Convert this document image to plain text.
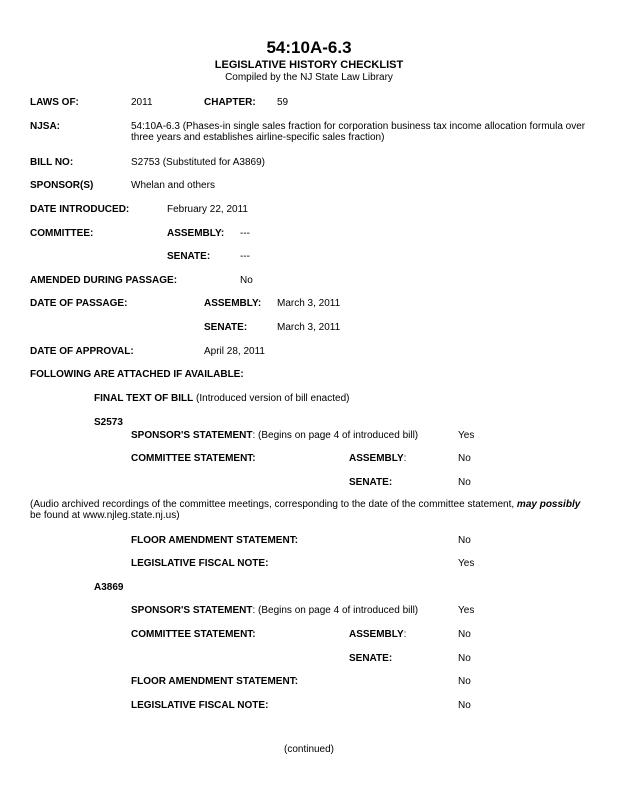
54:10A-6.3
LEGISLATIVE HISTORY CHECKLIST
Compiled by the NJ State Law Library
LAWS OF:	2011	CHAPTER: 59
NJSA:	54:10A-6.3 (Phases-in single sales fraction for corporation business tax income allocation formula over
three years and establishes airline-specific sales fraction)
BILL NO:	S2753 (Substituted for A3869)
SPONSOR(S)	Whelan and others
DATE INTRODUCED:	February 22, 2011
COMMITTEE:	ASSEMBLY: ---
SENATE:	---
AMENDED DURING PASSAGE:	No
DATE OF PASSAGE:	ASSEMBLY: March 3, 2011
SENATE:	March 3, 2011
DATE OF APPROVAL:	April 28, 2011
FOLLOWING ARE ATTACHED IF AVAILABLE:
FINAL TEXT OF BILL (Introduced version of bill enacted)
S2573
SPONSOR'S STATEMENT: (Begins on page 4 of introduced bill)	Yes
COMMITTEE STATEMENT:	ASSEMBLY:	No
SENATE:	No
(Audio archived recordings of the committee meetings, corresponding to the date of the committee statement, may possibly
be found at www.njleg.state.nj.us)
FLOOR AMENDMENT STATEMENT:	No
LEGISLATIVE FISCAL NOTE:	Yes
A3869
SPONSOR'S STATEMENT: (Begins on page 4 of introduced bill)	Yes
COMMITTEE STATEMENT:	ASSEMBLY:	No
SENATE:	No
FLOOR AMENDMENT STATEMENT:	No
LEGISLATIVE FISCAL NOTE:	No
(continued)
